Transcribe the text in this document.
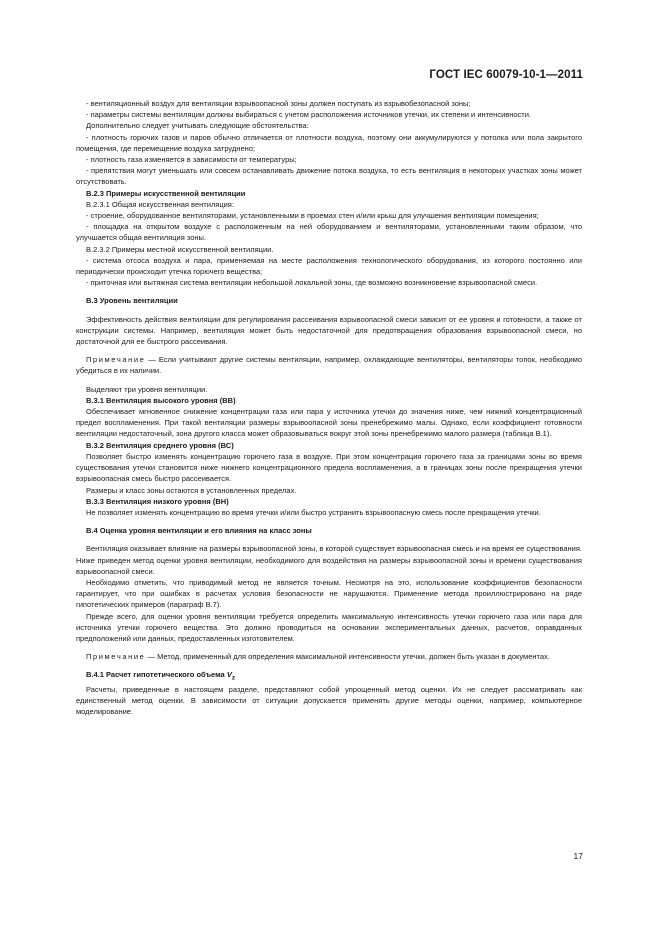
ГОСТ IEC 60079-10-1—2011

- вентиляционный воздух для вентиляции взрывоопасной зоны должен поступать из взрывобезопасной зоны;

- параметры системы вентиляции должны выбираться с учетом расположения источников утечки, их степени и интенсивности.

Дополнительно следует учитывать следующие обстоятельства:

- плотность горючих газов и паров обычно отличается от плотности воздуха, поэтому они аккумулируются у потолка или пола закрытого помещения, где перемещение воздуха затруднено;

- плотность газа изменяется в зависимости от температуры;

- препятствия могут уменьшать или совсем останавливать движение потока воздуха, то есть вентиляция в некоторых участках зоны может отсутствовать.

В.2.3 Примеры искусственной вентиляции

В.2.3.1 Общая искусственная вентиляция:

- строение, оборудованное вентиляторами, установленными в проемах стен и/или крыш для улучшения вентиляции помещения;

- площадка на открытом воздухе с расположенным на ней оборудованием и вентиляторами, установленными таким образом, что улучшается общая вентиляция зоны.

В.2.3.2 Примеры местной искусственной вентиляции.

- система отсоса воздуха и пара, применяемая на месте расположения технологического оборудования, из которого постоянно или периодически происходит утечка горючего вещества;

- приточная или вытяжная система вентиляции небольшой локальной зоны, где возможно возникновение взрывоопасной смеси.

В.3 Уровень вентиляции

Эффективность действия вентиляции для регулирования рассеивания взрывоопасной смеси зависит от ее уровня и готовности, а также от конструкции системы. Например, вентиляция может быть недостаточной для предотвращения образования взрывоопасной смеси, но достаточной для ее быстрого рассеивания.

Примечание — Если учитывают другие системы вентиляции, например, охлаждающие вентиляторы, вентиляторы топок, необходимо убедиться в их наличии.

Выделяют три уровня вентиляции.

В.3.1 Вентиляция высокого уровня (ВВ)

Обеспечивает мгновенное снижение концентрации газа или пара у источника утечки до значения ниже, чем нижний концентрационный предел воспламенения. При такой вентиляции размеры взрывоопасной зоны пренебрежимо малы. Однако, если коэффициент готовности вентиляции недостаточный, зона другого класса может образовываться вокруг этой зоны пренебрежимо малого размера (таблица В.1).

В.3.2 Вентиляция среднего уровня (ВС)

Позволяет быстро изменять концентрацию горючего газа в воздухе. При этом концентрация горючего газа за границами зоны во время существования утечки становится ниже нижнего концентрационного предела воспламенения, а в границах зоны после прекращения утечки взрывоопасная смесь быстро рассеивается.

Размеры и класс зоны остаются в установленных пределах.

В.3.3 Вентиляция низкого уровня (ВН)

Не позволяет изменять концентрацию во время утечки и/или быстро устранить взрывоопасную смесь после прекращения утечки.

В.4 Оценка уровня вентиляции и его влияния на класс зоны

Вентиляция оказывает влияние на размеры взрывоопасной зоны, в которой существует взрывоопасная смесь и на время ее существования. Ниже приведен метод оценки уровня вентиляции, необходимого для воздействия на размеры взрывоопасной зоны и времени существования взрывоопасной смеси.

Необходимо отметить, что приводимый метод не является точным. Несмотря на это, использование коэффициентов безопасности гарантирует, что при ошибках в расчетах условия безопасности не нарушаются. Применение метода проиллюстрировано на ряде гипотетических примеров (параграф В.7).

Прежде всего, для оценки уровня вентиляции требуется определить максимальную интенсивность утечки горючего газа или пара для источника утечки горючего вещества. Это должно проводиться на основании экспериментальных данных, расчетов, оправданных предположений или данных, предоставленных изготовителем.

Примечание — Метод, примененный для определения максимальной интенсивности утечки, должен быть указан в документах.

В.4.1 Расчет гипотетического объема $V_z$

Расчеты, приведенные в настоящем разделе, представляют собой упрощенный метод оценки. Их не следует рассматривать как единственный метод оценки. В зависимости от ситуации допускается применять другие методы оценки, например, компьютерное моделирование.

17
